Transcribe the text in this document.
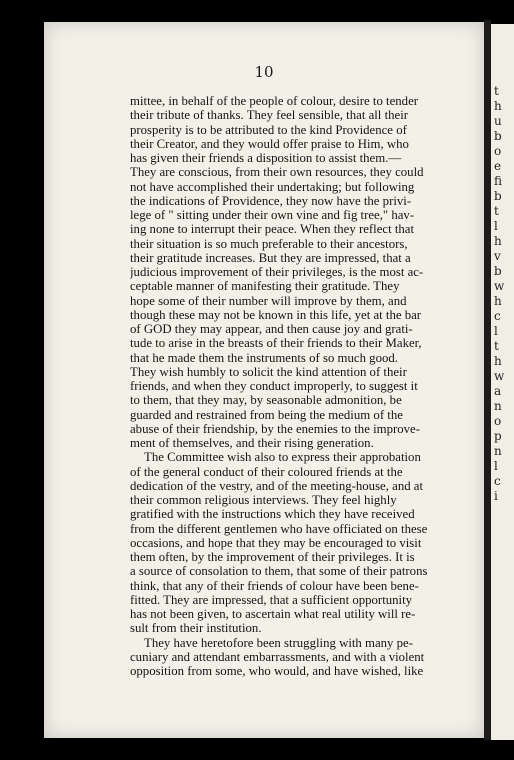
10
mittee, in behalf of the people of colour, desire to tender
their tribute of thanks. They feel sensible, that all their
prosperity is to be attributed to the kind Providence of
their Creator, and they would offer praise to Him, who
has given their friends a disposition to assist them.—
They are conscious, from their own resources, they could
not have accomplished their undertaking; but following
the indications of Providence, they now have the privi-
lege of " sitting under their own vine and fig tree," hav-
ing none to interrupt their peace. When they reflect that
their situation is so much preferable to their ancestors,
their gratitude increases. But they are impressed, that a
judicious improvement of their privileges, is the most ac-
ceptable manner of manifesting their gratitude. They
hope some of their number will improve by them, and
though these may not be known in this life, yet at the bar
of GOD they may appear, and then cause joy and grati-
tude to arise in the breasts of their friends to their Maker,
that he made them the instruments of so much good.
They wish humbly to solicit the kind attention of their
friends, and when they conduct improperly, to suggest it
to them, that they may, by seasonable admonition, be
guarded and restrained from being the medium of the
abuse of their friendship, by the enemies to the improve-
ment of themselves, and their rising generation.
The Committee wish also to express their approbation
of the general conduct of their coloured friends at the
dedication of the vestry, and of the meeting-house, and at
their common religious interviews. They feel highly
gratified with the instructions which they have received
from the different gentlemen who have officiated on these
occasions, and hope that they may be encouraged to visit
them often, by the improvement of their privileges. It is
a source of consolation to them, that some of their patrons
think, that any of their friends of colour have been bene-
fitted. They are impressed, that a sufficient opportunity
has not been given, to ascertain what real utility will re-
sult from their institution.
They have heretofore been struggling with many pe-
cuniary and attendant embarrassments, and with a violent
opposition from some, who would, and have wished, like
t
h
u
b
o
e
fi
b
t
l
h
v
b
w
h
c
l
t
h
w
a
n
o
p
n
l
c
i
